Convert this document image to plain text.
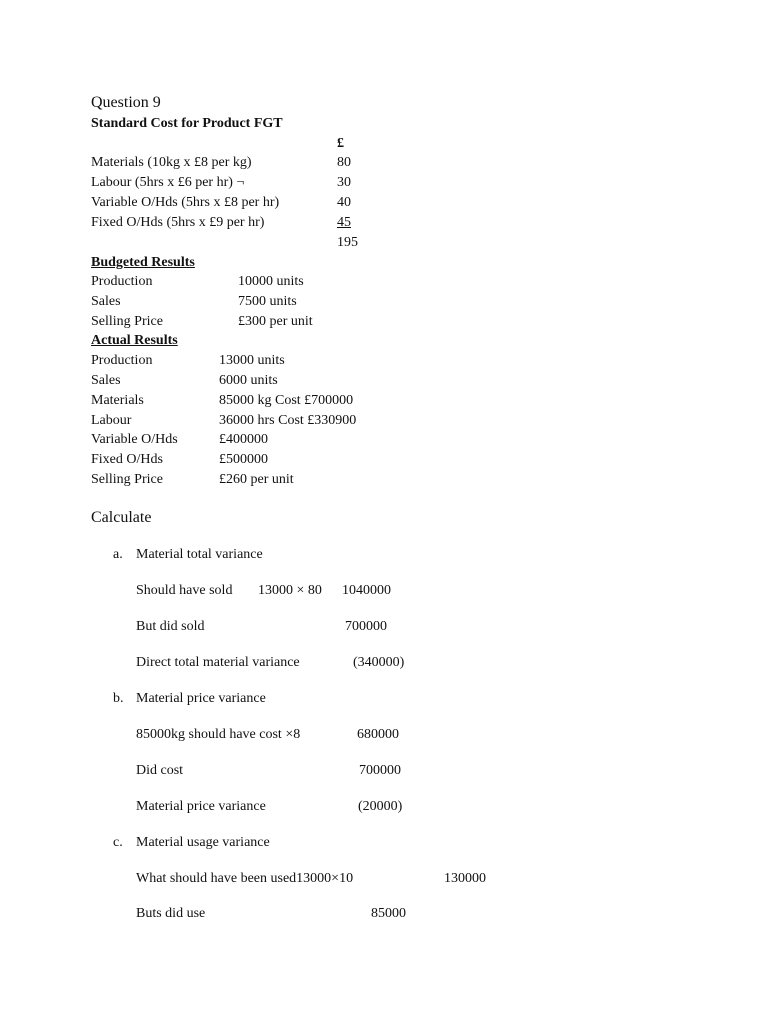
Question 9
Standard Cost for Product FGT
£
Materials (10kg x £8 per kg)	80
Labour (5hrs x £6 per hr) ¬	30
Variable O/Hds (5hrs x £8 per hr)	40
Fixed O/Hds (5hrs x £9 per hr)	45
195
Budgeted Results
Production	10000 units
Sales	7500 units
Selling Price	£300 per unit
Actual Results
Production	13000 units
Sales	6000 units
Materials	85000 kg Cost £700000
Labour	36000 hrs Cost £330900
Variable O/Hds	£400000
Fixed O/Hds	£500000
Selling Price	£260 per unit
Calculate
a. Material total variance
Should have sold 13000 × 80 1040000
But did sold	700000
Direct total material variance	(340000)
b. Material price variance
85000kg should have cost ×8	680000
Did cost	700000
Material price variance	(20000)
c. Material usage variance
What should have been used13000×10	130000
Buts did use	85000
